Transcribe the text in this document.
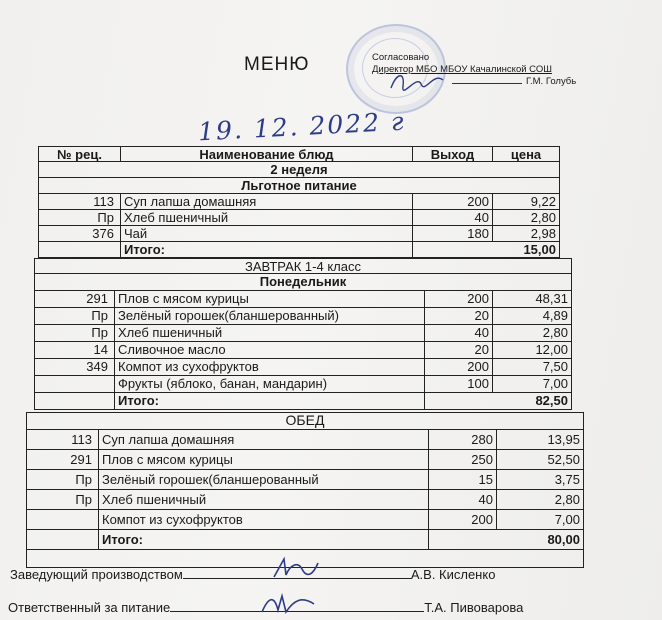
МЕНЮ	Согласовано
Директор МБО МБОУ Качалинской СОШ
Г.М. Голубь
19. 12. 2022 г
№ рец.	Наименование блюд	Выход	цена
2 неделя
Льготное питание
113 Суп лапша домашняя	200	9,22
Пр Хлеб пшеничный	40	2,80
376 Чай	180	2,98
Итого:	15,00
ЗАВТРАК 1-4 класс
Понедельник
291 Плов с мясом курицы	200	48,31
Пр Зелёный горошек(бланшерованный)	20	4,89
Пр Хлеб пшеничный	40	2,80
14 Сливочное масло	20	12,00
349 Компот из сухофруктов	200	7,50
Фрукты (яблоко, банан, мандарин)	100	7,00
Итого:	82,50
ОБЕД
113 Суп лапша домашняя	280	13,95
291 Плов с мясом курицы	250	52,50
Пр Зелёный горошек(бланшерованный	15	3,75
Пр Хлеб пшеничный	40	2,80
Компот из сухофруктов	200	7,00
Итого:	80,00
Заведующий производством	А.В. Кисленко
Ответственный за питание	Т.А. Пивоварова
